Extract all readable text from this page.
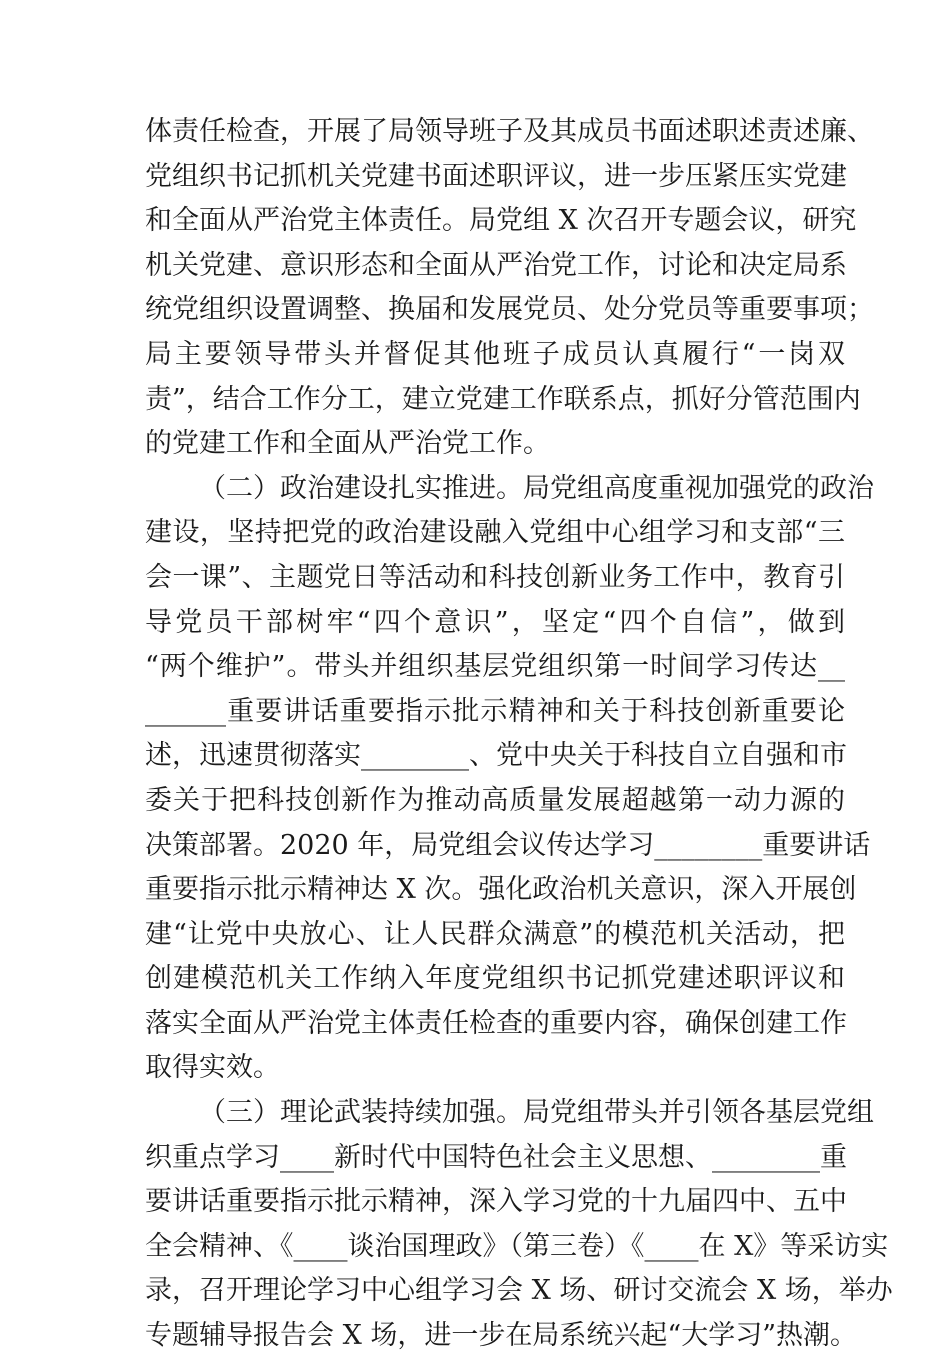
体责任检查，开展了局领导班子及其成员书面述职述责述廉、
党组织书记抓机关党建书面述职评议，进一步压紧压实党建
和全面从严治党主体责任。局党组 X 次召开专题会议，研究
机关党建、意识形态和全面从严治党工作，讨论和决定局系
统党组织设置调整、换届和发展党员、处分党员等重要事项；
局主要领导带头并督促其他班子成员认真履行“一岗双
责”，结合工作分工，建立党建工作联系点，抓好分管范围内
的党建工作和全面从严治党工作。
（二）政治建设扎实推进。局党组高度重视加强党的政治
建设，坚持把党的政治建设融入党组中心组学习和支部“三
会一课”、主题党日等活动和科技创新业务工作中，教育引
导党员干部树牢“四个意识”，坚定“四个自信”，做到
“两个维护”。带头并组织基层党组织第一时间学习传达__
______重要讲话重要指示批示精神和关于科技创新重要论
述，迅速贯彻落实________、党中央关于科技自立自强和市
委关于把科技创新作为推动高质量发展超越第一动力源的
决策部署。2020 年，局党组会议传达学习________重要讲话
重要指示批示精神达 X 次。强化政治机关意识，深入开展创
建“让党中央放心、让人民群众满意”的模范机关活动，把
创建模范机关工作纳入年度党组织书记抓党建述职评议和
落实全面从严治党主体责任检查的重要内容，确保创建工作
取得实效。
（三）理论武装持续加强。局党组带头并引领各基层党组
织重点学习____新时代中国特色社会主义思想、________重
要讲话重要指示批示精神，深入学习党的十九届四中、五中
全会精神、《____谈治国理政》（第三卷）《____在 X》等采访实
录，召开理论学习中心组学习会 X 场、研讨交流会 X 场，举办
专题辅导报告会 X 场，进一步在局系统兴起“大学习”热潮。
